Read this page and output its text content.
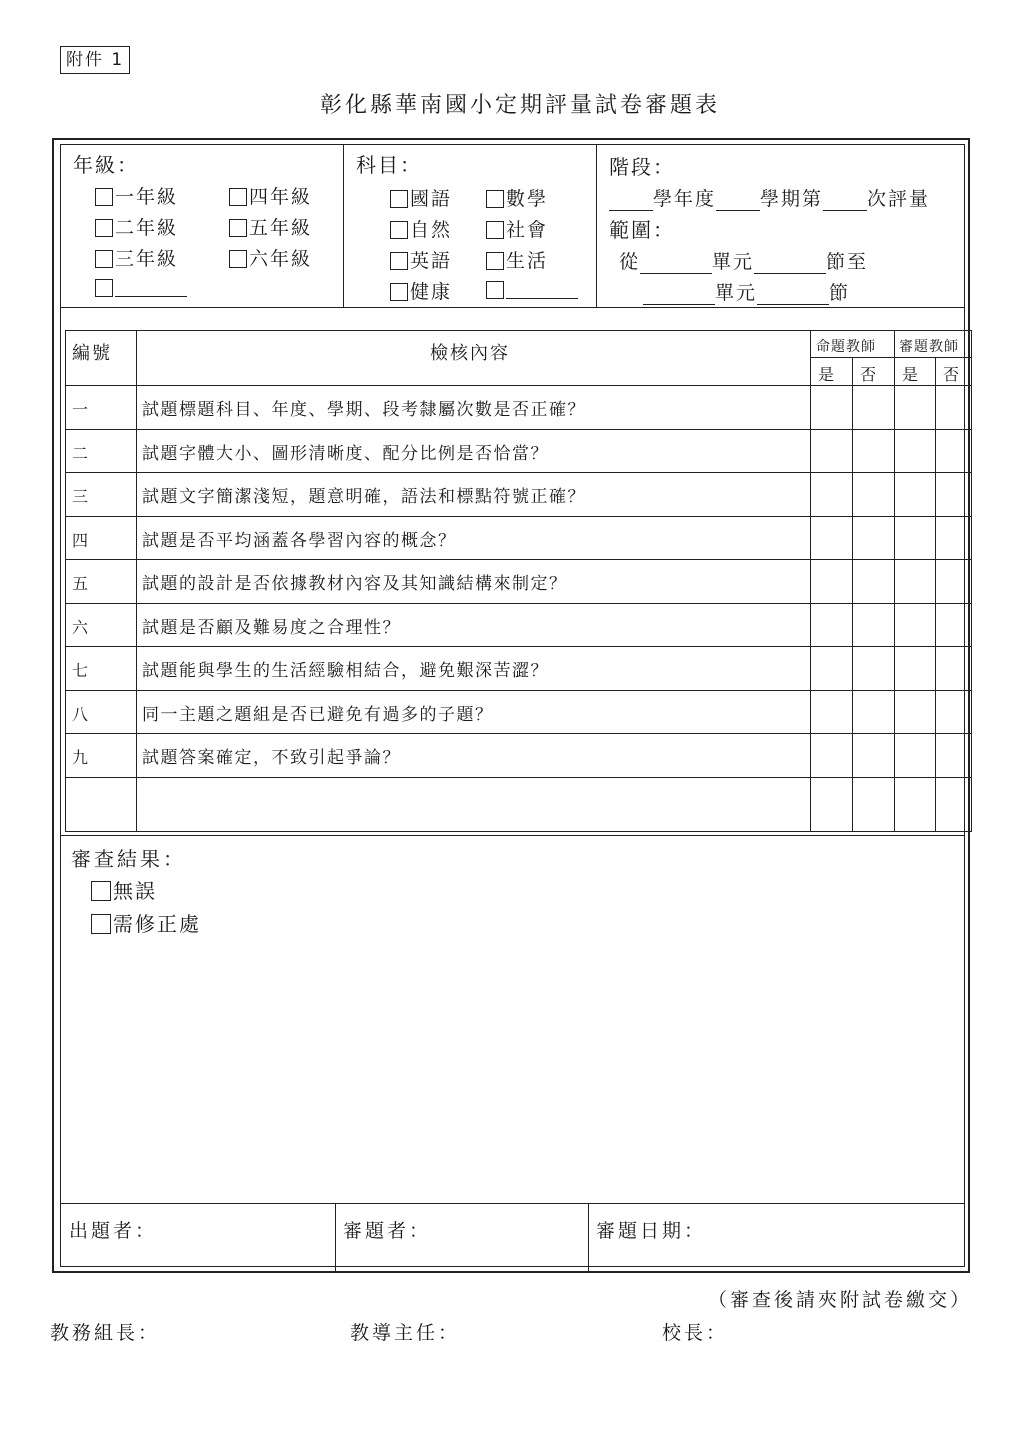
附件 1
彰化縣華南國小定期評量試卷審題表
年級：
一年級	四年級
二年級	五年級
三年級	六年級
科目：
國語	數學
自然	社會
英語	生活
健康
階段：
學年度 學期第 次評量
範圍：
從	單元	節至
單元	節
編號	檢核內容	命題教師 審題教師
是 否 是 否
一	試題標題科目、年度、學期、段考隸屬次數是否正確？
二	試題字體大小、圖形清晰度、配分比例是否恰當？
三	試題文字簡潔淺短，題意明確，語法和標點符號正確？
四	試題是否平均涵蓋各學習內容的概念？
五	試題的設計是否依據教材內容及其知識結構來制定？
六	試題是否顧及難易度之合理性？
七	試題能與學生的生活經驗相結合，避免艱深苦澀？
八	同一主題之題組是否已避免有過多的子題？
九	試題答案確定，不致引起爭論？
審查結果：
無誤
需修正處
出題者：	審題者：	審題日期：
（審查後請夾附試卷繳交）
教務組長：	教導主任：	校長：
